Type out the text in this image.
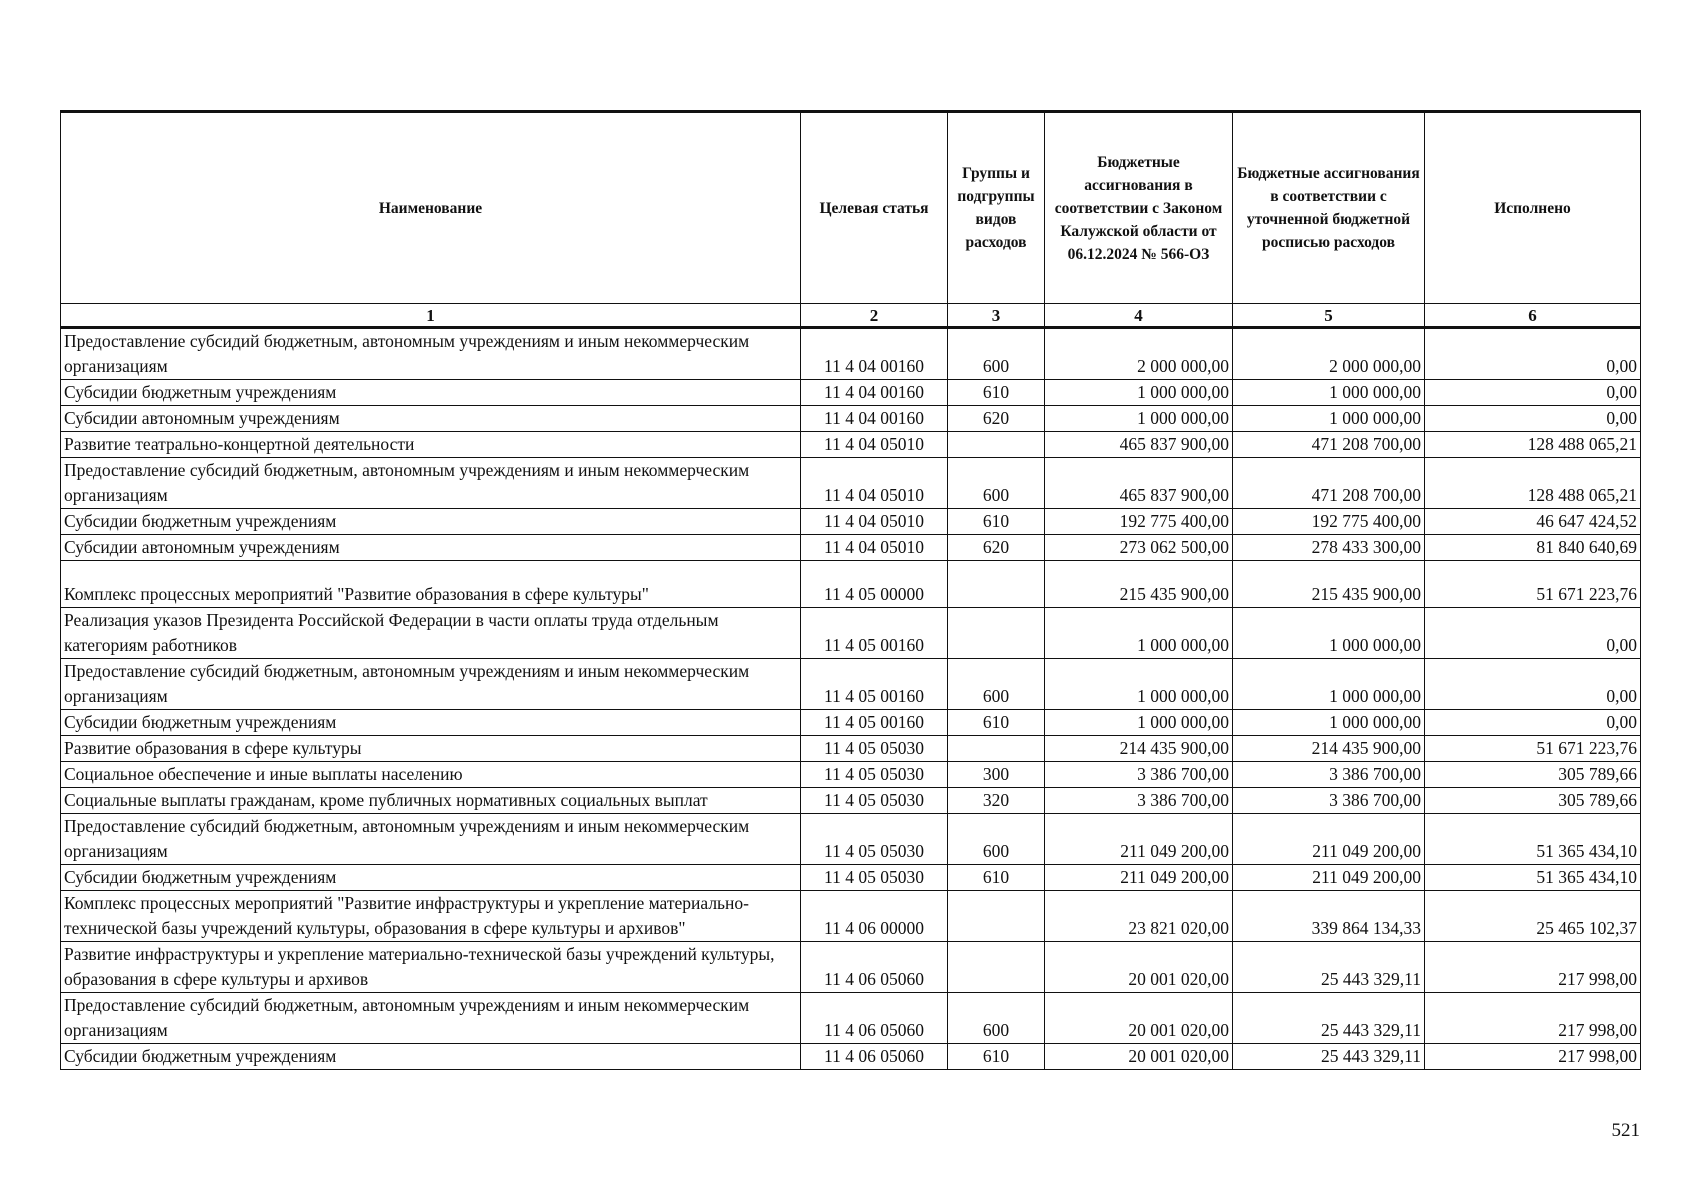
Наименование	Целевая статья	Группы и подгруппы видов расходов	Бюджетные ассигнования в соответствии с Законом Калужской области от 06.12.2024 № 566-ОЗ	Бюджетные ассигнования в соответствии с уточненной бюджетной росписью расходов	Исполнено
1	2	3	4	5	6
Предоставление субсидий бюджетным, автономным учреждениям и иным некоммерческим организациям	11 4 04 00160	600	2 000 000,00	2 000 000,00	0,00
Субсидии бюджетным учреждениям	11 4 04 00160	610	1 000 000,00	1 000 000,00	0,00
Субсидии автономным учреждениям	11 4 04 00160	620	1 000 000,00	1 000 000,00	0,00
Развитие театрально-концертной деятельности	11 4 04 05010		465 837 900,00	471 208 700,00	128 488 065,21
Предоставление субсидий бюджетным, автономным учреждениям и иным некоммерческим организациям	11 4 04 05010	600	465 837 900,00	471 208 700,00	128 488 065,21
Субсидии бюджетным учреждениям	11 4 04 05010	610	192 775 400,00	192 775 400,00	46 647 424,52
Субсидии автономным учреждениям	11 4 04 05010	620	273 062 500,00	278 433 300,00	81 840 640,69
Комплекс процессных мероприятий "Развитие образования в сфере культуры"	11 4 05 00000		215 435 900,00	215 435 900,00	51 671 223,76
Реализация указов Президента Российской Федерации в части оплаты труда отдельным категориям работников	11 4 05 00160		1 000 000,00	1 000 000,00	0,00
Предоставление субсидий бюджетным, автономным учреждениям и иным некоммерческим организациям	11 4 05 00160	600	1 000 000,00	1 000 000,00	0,00
Субсидии бюджетным учреждениям	11 4 05 00160	610	1 000 000,00	1 000 000,00	0,00
Развитие образования в сфере культуры	11 4 05 05030		214 435 900,00	214 435 900,00	51 671 223,76
Социальное обеспечение и иные выплаты населению	11 4 05 05030	300	3 386 700,00	3 386 700,00	305 789,66
Социальные выплаты гражданам, кроме публичных нормативных социальных выплат	11 4 05 05030	320	3 386 700,00	3 386 700,00	305 789,66
Предоставление субсидий бюджетным, автономным учреждениям и иным некоммерческим организациям	11 4 05 05030	600	211 049 200,00	211 049 200,00	51 365 434,10
Субсидии бюджетным учреждениям	11 4 05 05030	610	211 049 200,00	211 049 200,00	51 365 434,10
Комплекс процессных мероприятий "Развитие инфраструктуры и укрепление материально-технической базы учреждений культуры, образования в сфере культуры и архивов"	11 4 06 00000		23 821 020,00	339 864 134,33	25 465 102,37
Развитие инфраструктуры и укрепление материально-технической базы учреждений культуры, образования в сфере культуры и архивов	11 4 06 05060		20 001 020,00	25 443 329,11	217 998,00
Предоставление субсидий бюджетным, автономным учреждениям и иным некоммерческим организациям	11 4 06 05060	600	20 001 020,00	25 443 329,11	217 998,00
Субсидии бюджетным учреждениям	11 4 06 05060	610	20 001 020,00	25 443 329,11	217 998,00
521
